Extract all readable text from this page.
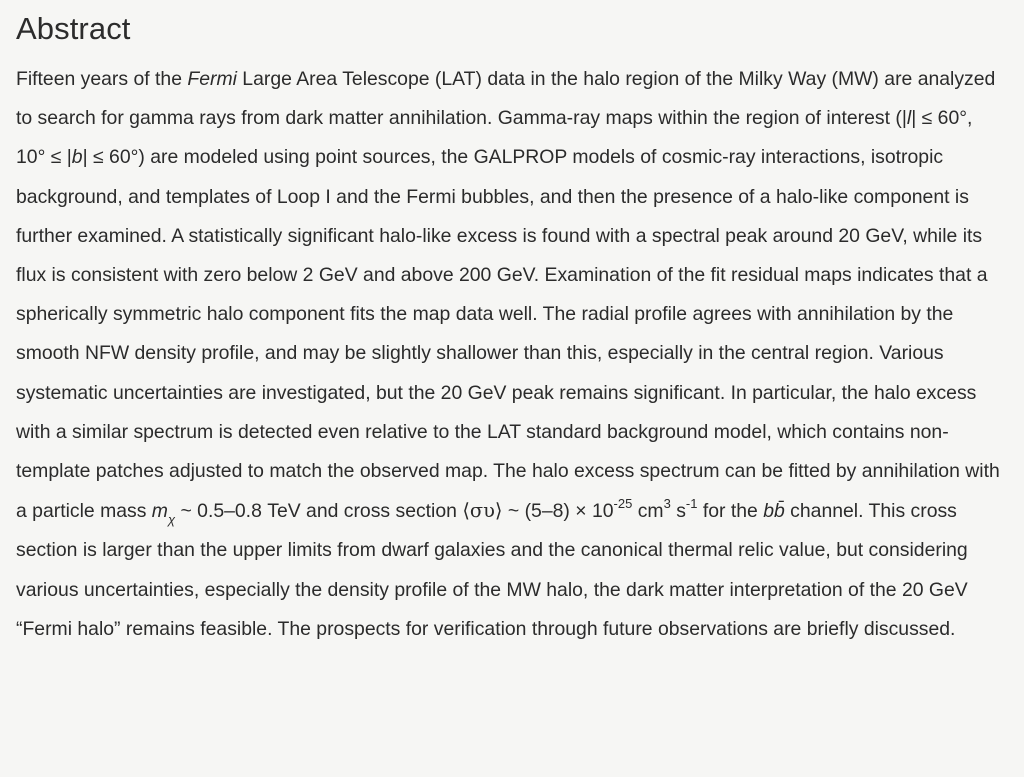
Abstract

Fifteen years of the Fermi Large Area Telescope (LAT) data in the halo region of the Milky Way (MW) are analyzed to search for gamma rays from dark matter annihilation. Gamma-ray maps within the region of interest (|l| ≤ 60°, 10° ≤ |b| ≤ 60°) are modeled using point sources, the GALPROP models of cosmic-ray interactions, isotropic background, and templates of Loop I and the Fermi bubbles, and then the presence of a halo-like component is further examined. A statistically significant halo-like excess is found with a spectral peak around 20 GeV, while its flux is consistent with zero below 2 GeV and above 200 GeV. Examination of the fit residual maps indicates that a spherically symmetric halo component fits the map data well. The radial profile agrees with annihilation by the smooth NFW density profile, and may be slightly shallower than this, especially in the central region. Various systematic uncertainties are investigated, but the 20 GeV peak remains significant. In particular, the halo excess with a similar spectrum is detected even relative to the LAT standard background model, which contains non-template patches adjusted to match the observed map. The halo excess spectrum can be fitted by annihilation with a particle mass $m_\chi$ ~ 0.5–0.8 TeV and cross section ⟨συ⟩ ~ $(5-8) \times 10^{-25}$ $cm^3$ $s^{-1}$ for the bb̄ channel. This cross section is larger than the upper limits from dwarf galaxies and the canonical thermal relic value, but considering various uncertainties, especially the density profile of the MW halo, the dark matter interpretation of the 20 GeV “Fermi halo” remains feasible. The prospects for verification through future observations are briefly discussed.
